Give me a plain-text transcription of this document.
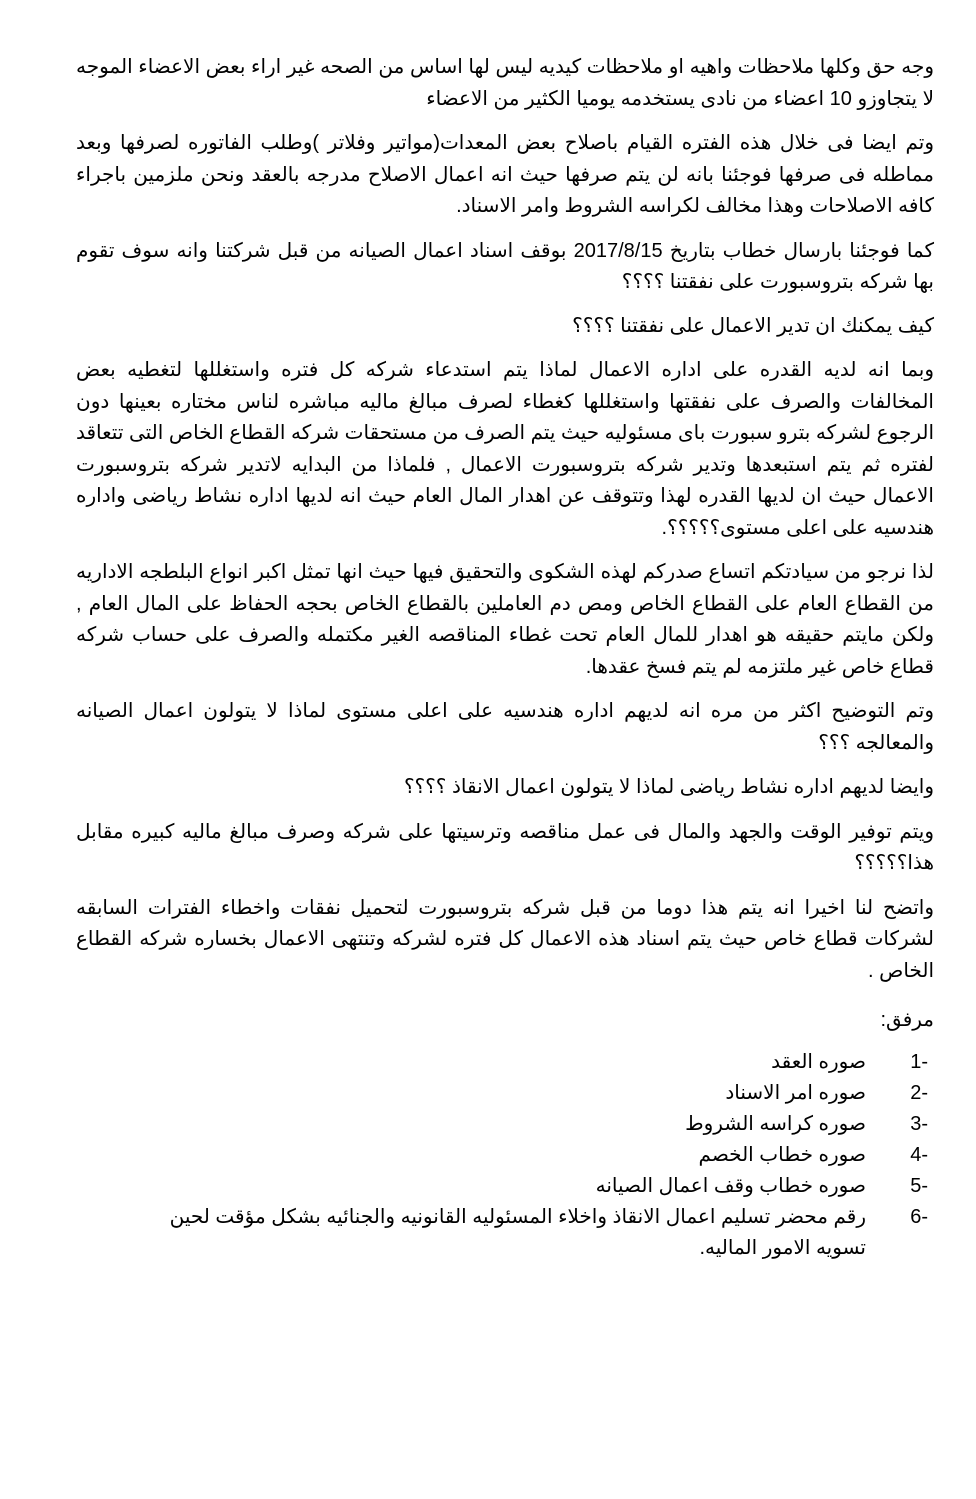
وجه حق وكلها ملاحظات واهيه او ملاحظات كيديه ليس لها اساس من الصحه غير اراء بعض الاعضاء الموجه لا يتجاوزو 10 اعضاء من نادى يستخدمه يوميا الكثير من الاعضاء

وتم ايضا فى خلال هذه الفتره القيام باصلاح بعض المعدات(مواتير وفلاتر )وطلب الفاتوره لصرفها وبعد مماطله فى صرفها فوجئنا بانه لن يتم صرفها حيث انه اعمال الاصلاح مدرجه بالعقد ونحن ملزمين باجراء كافه الاصلاحات وهذا مخالف لكراسه الشروط وامر الاسناد.

كما فوجئنا بارسال خطاب بتاريخ 2017/8/15 بوقف اسناد اعمال الصيانه من قبل شركتنا وانه سوف تقوم بها شركه بتروسبورت على نفقتنا ؟؟؟؟

كيف يمكنك ان تدير الاعمال على نفقتنا ؟؟؟؟

وبما انه لديه القدره على اداره الاعمال لماذا يتم استدعاء شركه كل فتره واستغللها لتغطيه بعض المخالفات والصرف على نفقتها واستغللها كغطاء لصرف مبالغ ماليه مباشره لناس مختاره بعينها دون الرجوع لشركه بترو سبورت باى مسئوليه حيث يتم الصرف من مستحقات شركه القطاع الخاص التى تتعاقد لفتره ثم يتم استبعدها وتدير شركه بتروسبورت الاعمال , فلماذا من البدايه لاتدير شركه بتروسبورت الاعمال حيث ان لديها القدره لهذا وتتوقف عن اهدار المال العام حيث انه لديها اداره نشاط رياضى واداره هندسيه على اعلى مستوى؟؟؟؟؟.

لذا نرجو من سيادتكم اتساع صدركم لهذه الشكوى والتحقيق فيها حيث انها تمثل اكبر انواع البلطجه الاداريه من القطاع العام على القطاع الخاص ومص دم العاملين بالقطاع الخاص بحجه الحفاظ على المال العام , ولكن مايتم حقيقه هو اهدار للمال العام تحت غطاء المناقصه الغير مكتمله والصرف على حساب شركه قطاع خاص غير ملتزمه لم يتم فسخ عقدها.

وتم التوضيح اكثر من مره انه لديهم اداره هندسيه على اعلى مستوى لماذا لا يتولون اعمال الصيانه والمعالجه ؟؟؟

وايضا لديهم اداره نشاط رياضى لماذا لا يتولون اعمال الانقاذ ؟؟؟؟

ويتم توفير الوقت والجهد والمال فى عمل مناقصه وترسيتها على شركه وصرف مبالغ ماليه كبيره مقابل هذا؟؟؟؟؟

واتضح لنا اخيرا انه يتم هذا دوما من قبل شركه بتروسبورت لتحميل نفقات واخطاء الفترات السابقه لشركات قطاع خاص حيث يتم اسناد هذه الاعمال كل فتره لشركه وتنتهى الاعمال بخساره شركه القطاع الخاص .

مرفق:
1-
صوره العقد
2-
صوره امر الاسناد
3-
صوره كراسه الشروط
4-
صوره خطاب الخصم
5-
صوره خطاب وقف اعمال الصيانه
6-
رقم محضر تسليم اعمال الانقاذ واخلاء المسئوليه القانونيه والجنائيه بشكل مؤقت لحين تسويه الامور الماليه.
